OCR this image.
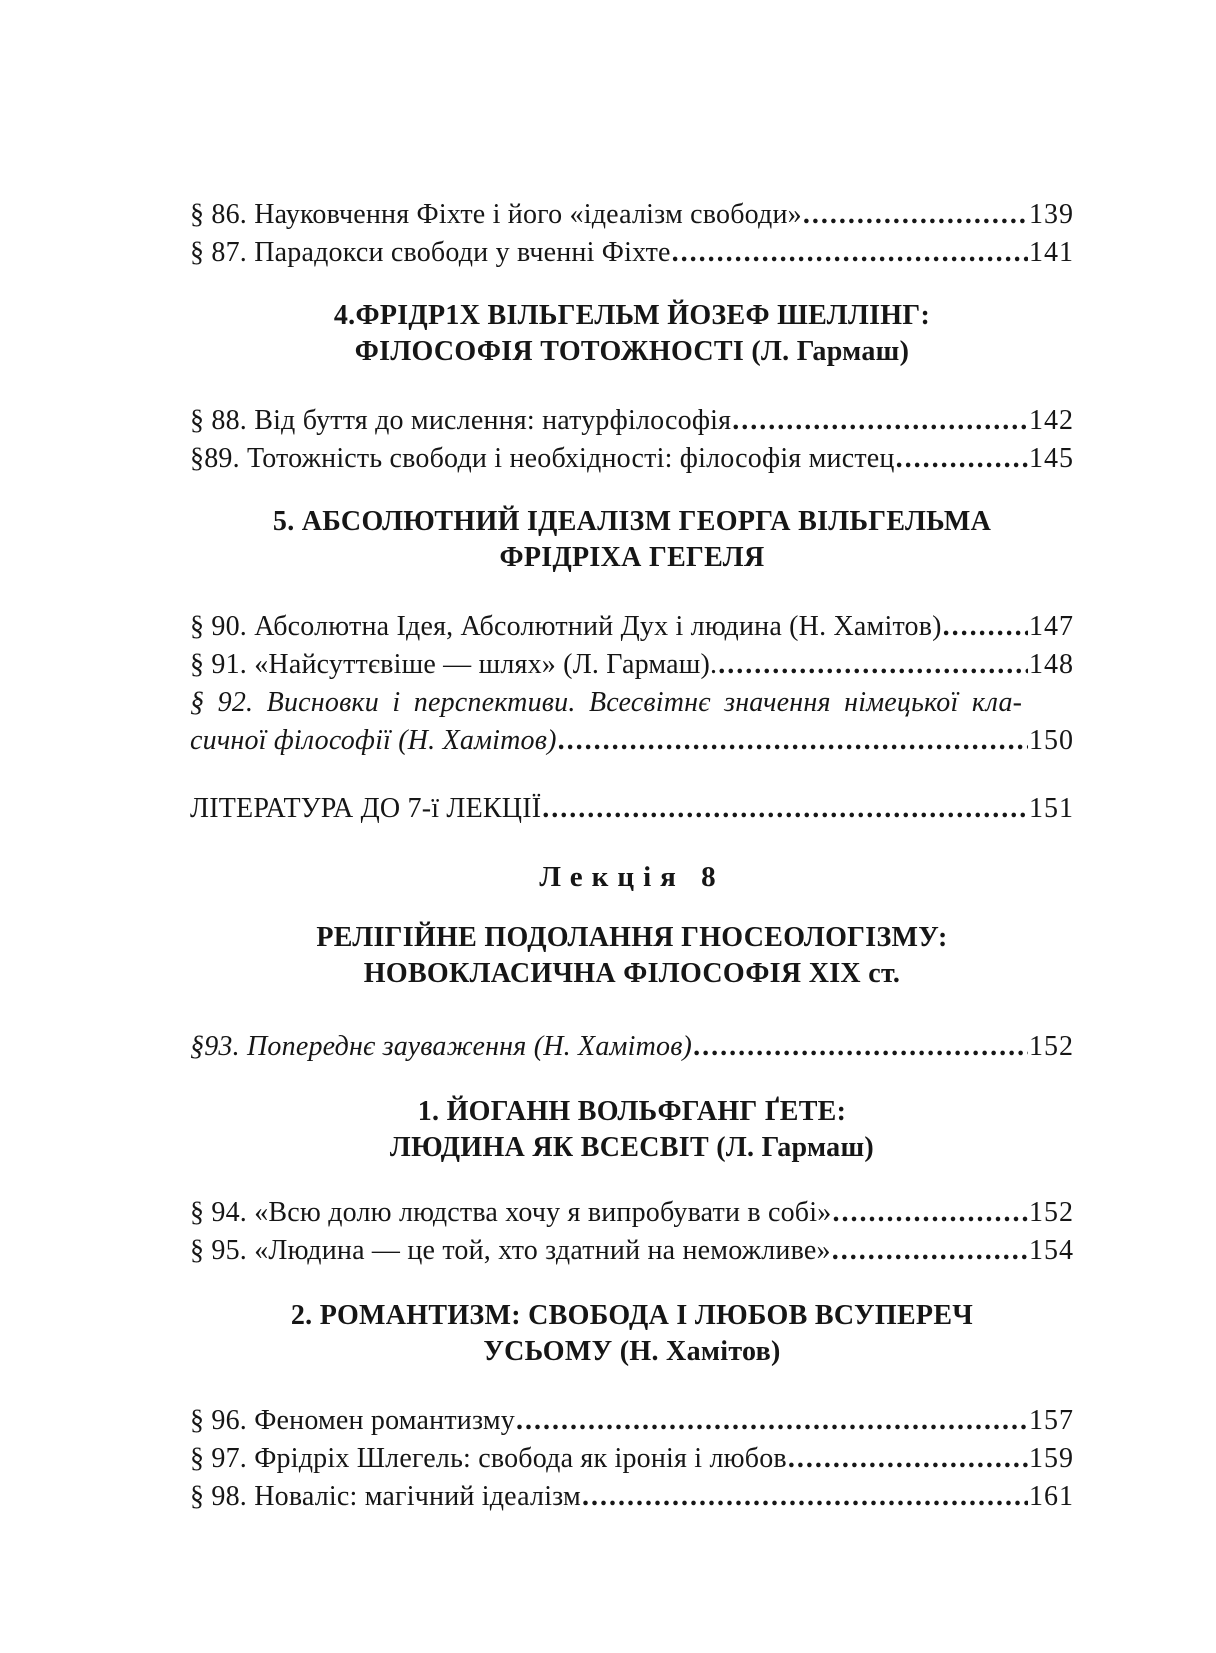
§ 86. Науковчення Фіхте і його «ідеалізм свободи» .....	139
§ 87. Парадокси свободи у вченні Фіхте .....	141
4.ФРІДР1Х ВІЛЬГЕЛЬМ ЙОЗЕФ ШЕЛЛІНГ:
ФІЛОСОФІЯ ТОТОЖНОСТІ (Л. Гармаш)
§ 88. Від буття до мислення: натурфілософія .....	142
§89. Тотожність свободи і необхідності: філософія мистец .....	145
5. АБСОЛЮТНИЙ ІДЕАЛІЗМ ГЕОРГА ВІЛЬГЕЛЬМА
ФРІДРІХА ГЕГЕЛЯ
§ 90. Абсолютна Ідея, Абсолютний Дух і людина (Н. Хамітов) .....	147
§ 91. «Найсуттєвіше — шлях» (Л. Гармаш). .....	148
§ 92. Висновки і перспективи. Всесвітнє значення німецької кла-
сичної філософії (Н. Хамітов) .....	150
ЛІТЕРАТУРА ДО 7-ї ЛЕКЦІЇ .....	151
Лекція 8
РЕЛІГІЙНЕ ПОДОЛАННЯ ГНОСЕОЛОГІЗМУ:
НОВОКЛАСИЧНА ФІЛОСОФІЯ XIX ст.
§93. Попереднє зауваження (Н. Хамітов) .....	152
1. ЙОГАНН ВОЛЬФГАНГ ҐЕТЕ:
ЛЮДИНА ЯК ВСЕСВІТ (Л. Гармаш)
§ 94. «Всю долю людства хочу я випробувати в собі» .....	152
§ 95. «Людина — це той, хто здатний на неможливе» .....	154
2. РОМАНТИЗМ: СВОБОДА І ЛЮБОВ ВСУПЕРЕЧ
УСЬОМУ (Н. Хамітов)
§ 96. Феномен романтизму .....	157
§ 97. Фрідріх Шлегель: свобода як іронія і любов .....	159
§ 98. Новаліс: магічний ідеалізм .....	161
